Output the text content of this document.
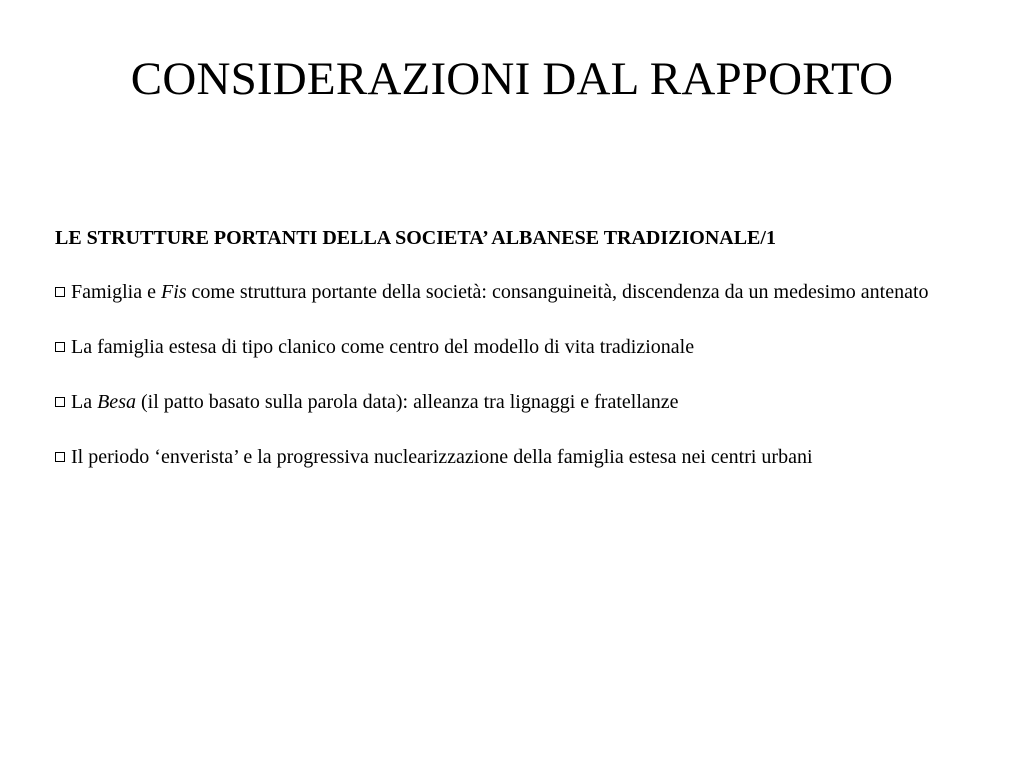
CONSIDERAZIONI DAL RAPPORTO

LE STRUTTURE PORTANTI DELLA SOCIETA’ ALBANESE TRADIZIONALE/1

Famiglia e Fis come struttura portante della società: consanguineità, discendenza da un medesimo antenato

La famiglia estesa di tipo clanico come centro del modello di vita tradizionale

La Besa (il patto basato sulla parola data): alleanza tra lignaggi e fratellanze

Il periodo ‘enverista’ e la progressiva nuclearizzazione della famiglia estesa nei centri urbani
